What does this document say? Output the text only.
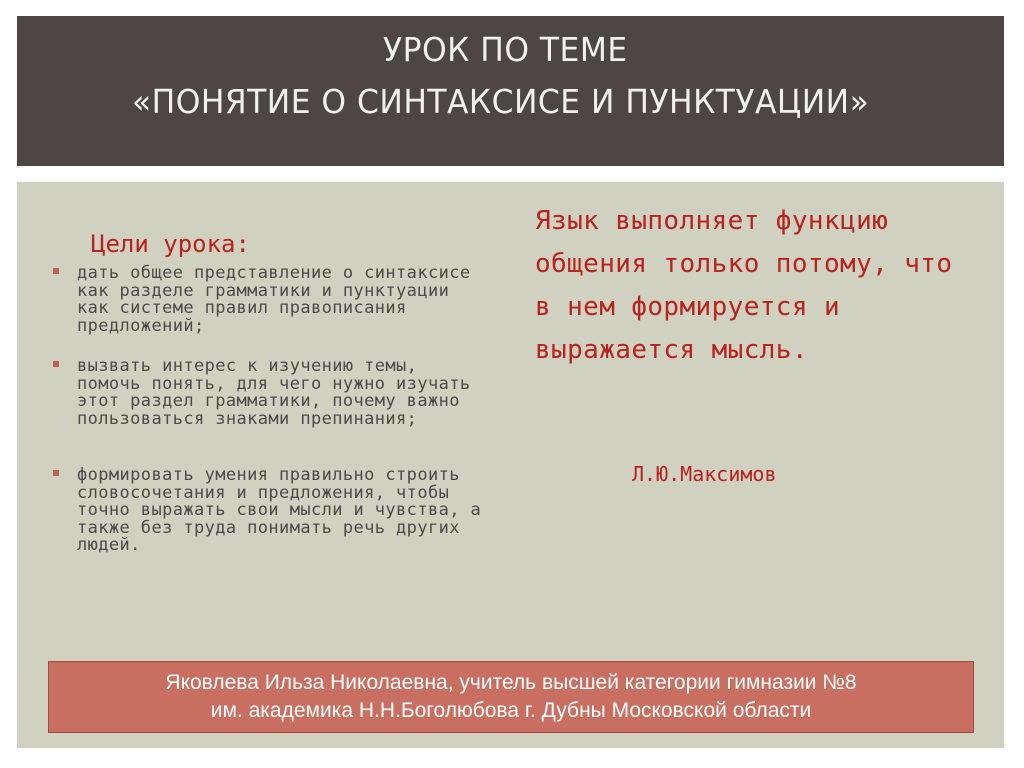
УРОК ПО ТЕМЕ
«ПОНЯТИЕ О СИНТАКСИСЕ И ПУНКТУАЦИИ»
Цели урока:
дать общее представление о синтаксисе как разделе грамматики и пунктуации как системе правил правописания предложений;
вызвать интерес к изучению темы, помочь понять, для чего нужно изучать этот раздел грамматики, почему важно пользоваться знаками препинания;
формировать умения правильно строить словосочетания и предложения, чтобы точно выражать свои мысли и чувства, а также без труда понимать речь других людей.
Язык выполняет функцию общения только потому, что в нем формируется и выражается мысль.
Л.Ю.Максимов
Яковлева Ильза Николаевна, учитель высшей категории гимназии №8
им. академика Н.Н.Боголюбова г. Дубны Московской области
